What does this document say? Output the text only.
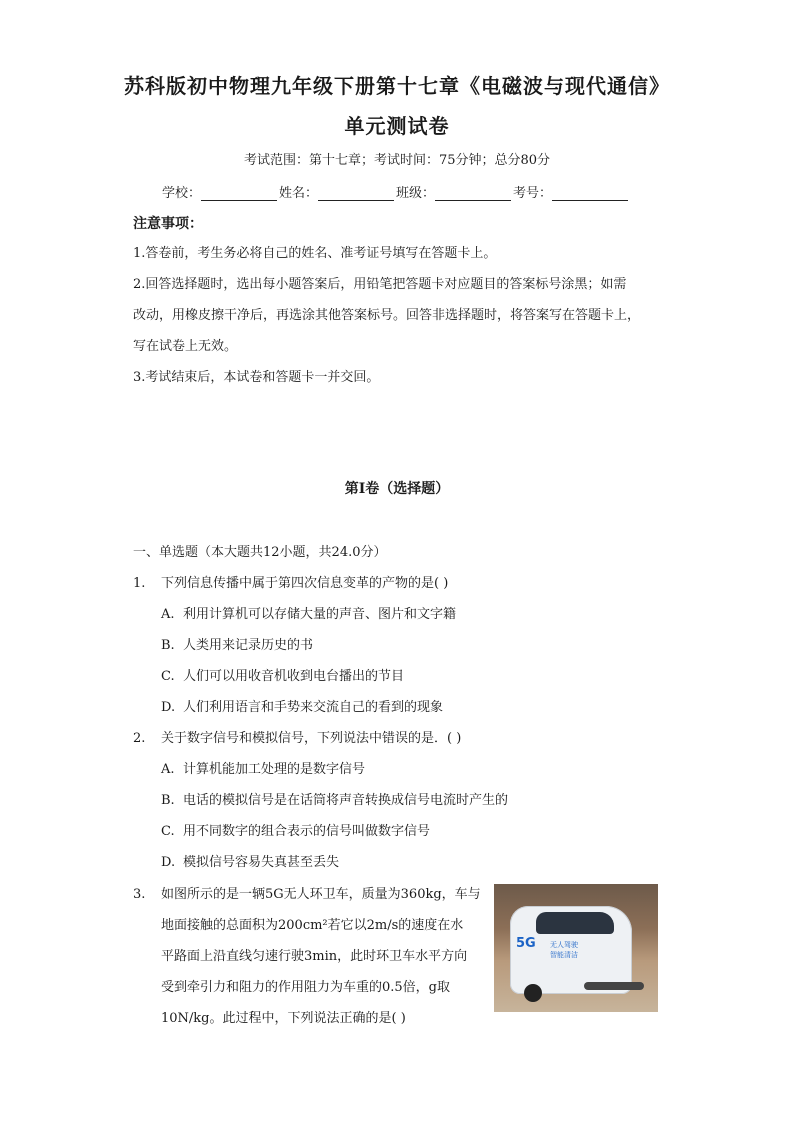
苏科版初中物理九年级下册第十七章《电磁波与现代通信》
单元测试卷
考试范围：第十七章；考试时间：75分钟；总分80分
学校：	姓名：	班级：	考号：
注意事项：
1.答卷前，考生务必将自己的姓名、准考证号填写在答题卡上。
2.回答选择题时，选出每小题答案后，用铅笔把答题卡对应题目的答案标号涂黑；如需
改动，用橡皮擦干净后，再选涂其他答案标号。回答非选择题时，将答案写在答题卡上，
写在试卷上无效。
3.考试结束后，本试卷和答题卡一并交回。
第I卷（选择题）
一、单选题（本大题共12小题，共24.0分）
1. 下列信息传播中属于第四次信息变革的产物的是( )
A. 利用计算机可以存储大量的声音、图片和文字籍
B. 人类用来记录历史的书
C. 人们可以用收音机收到电台播出的节目
D. 人们利用语言和手势来交流自己的看到的现象
2. 关于数字信号和模拟信号，下列说法中错误的是．( )
A. 计算机能加工处理的是数字信号
B. 电话的模拟信号是在话筒将声音转换成信号电流时产生的
C. 用不同数字的组合表示的信号叫做数字信号
D. 模拟信号容易失真甚至丢失
3. 如图所示的是一辆5G无人环卫车，质量为360kg，车与
地面接触的总面积为200cm²若它以2m/s的速度在水
平路面上沿直线匀速行驶3min，此时环卫车水平方向
受到牵引力和阻力的作用阻力为车重的0.5倍，g取
10N/kg。此过程中，下列说法正确的是( )
5G	无人驾驶
智能清洁
